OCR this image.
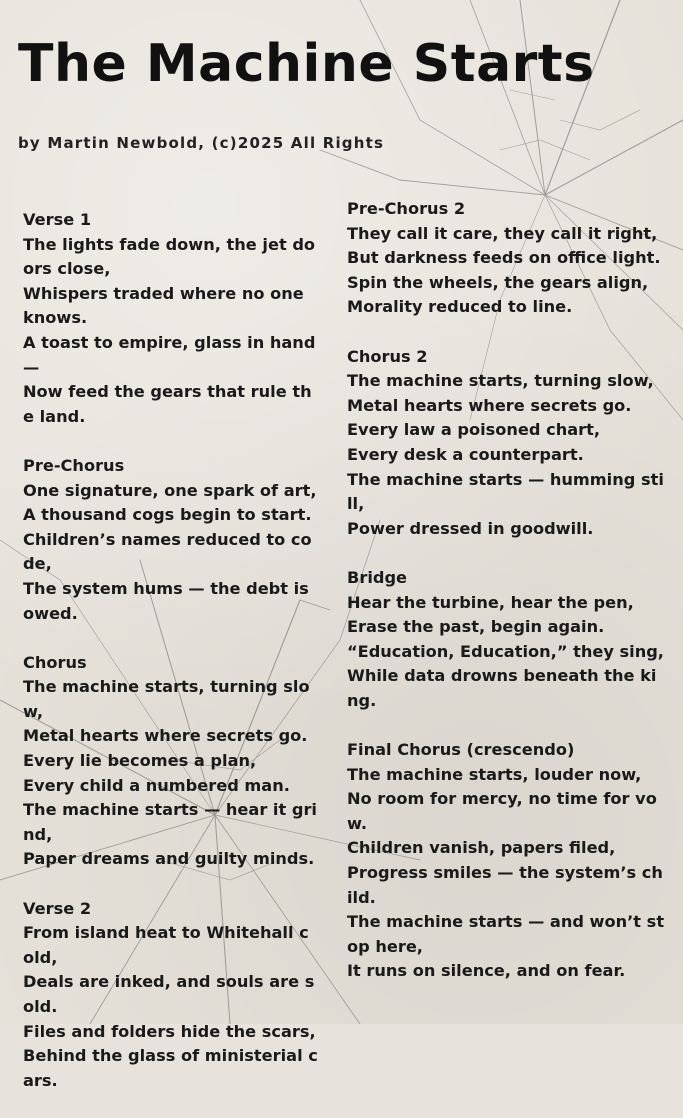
The Machine Starts
by Martin Newbold, (c)2025 All Rights
Verse 1
The lights fade down, the jet doors close,
Whispers traded where no one knows.
A toast to empire, glass in hand —
Now feed the gears that rule the land.
Pre-Chorus
One signature, one spark of art,
A thousand cogs begin to start.
Children’s names reduced to code,
The system hums — the debt is owed.
Chorus
The machine starts, turning slow,
Metal hearts where secrets go.
Every lie becomes a plan,
Every child a numbered man.
The machine starts — hear it grind,
Paper dreams and guilty minds.
Verse 2
From island heat to Whitehall cold,
Deals are inked, and souls are sold.
Files and folders hide the scars,
Behind the glass of ministerial cars.
Pre-Chorus 2
They call it care, they call it right,
But darkness feeds on office light.
Spin the wheels, the gears align,
Morality reduced to line.
Chorus 2
The machine starts, turning slow,
Metal hearts where secrets go.
Every law a poisoned chart,
Every desk a counterpart.
The machine starts — humming still,
Power dressed in goodwill.
Bridge
Hear the turbine, hear the pen,
Erase the past, begin again.
“Education, Education,” they sing,
While data drowns beneath the king.
Final Chorus (crescendo)
The machine starts, louder now,
No room for mercy, no time for vow.
Children vanish, papers filed,
Progress smiles — the system’s child.
The machine starts — and won’t stop here,
It runs on silence, and on fear.
